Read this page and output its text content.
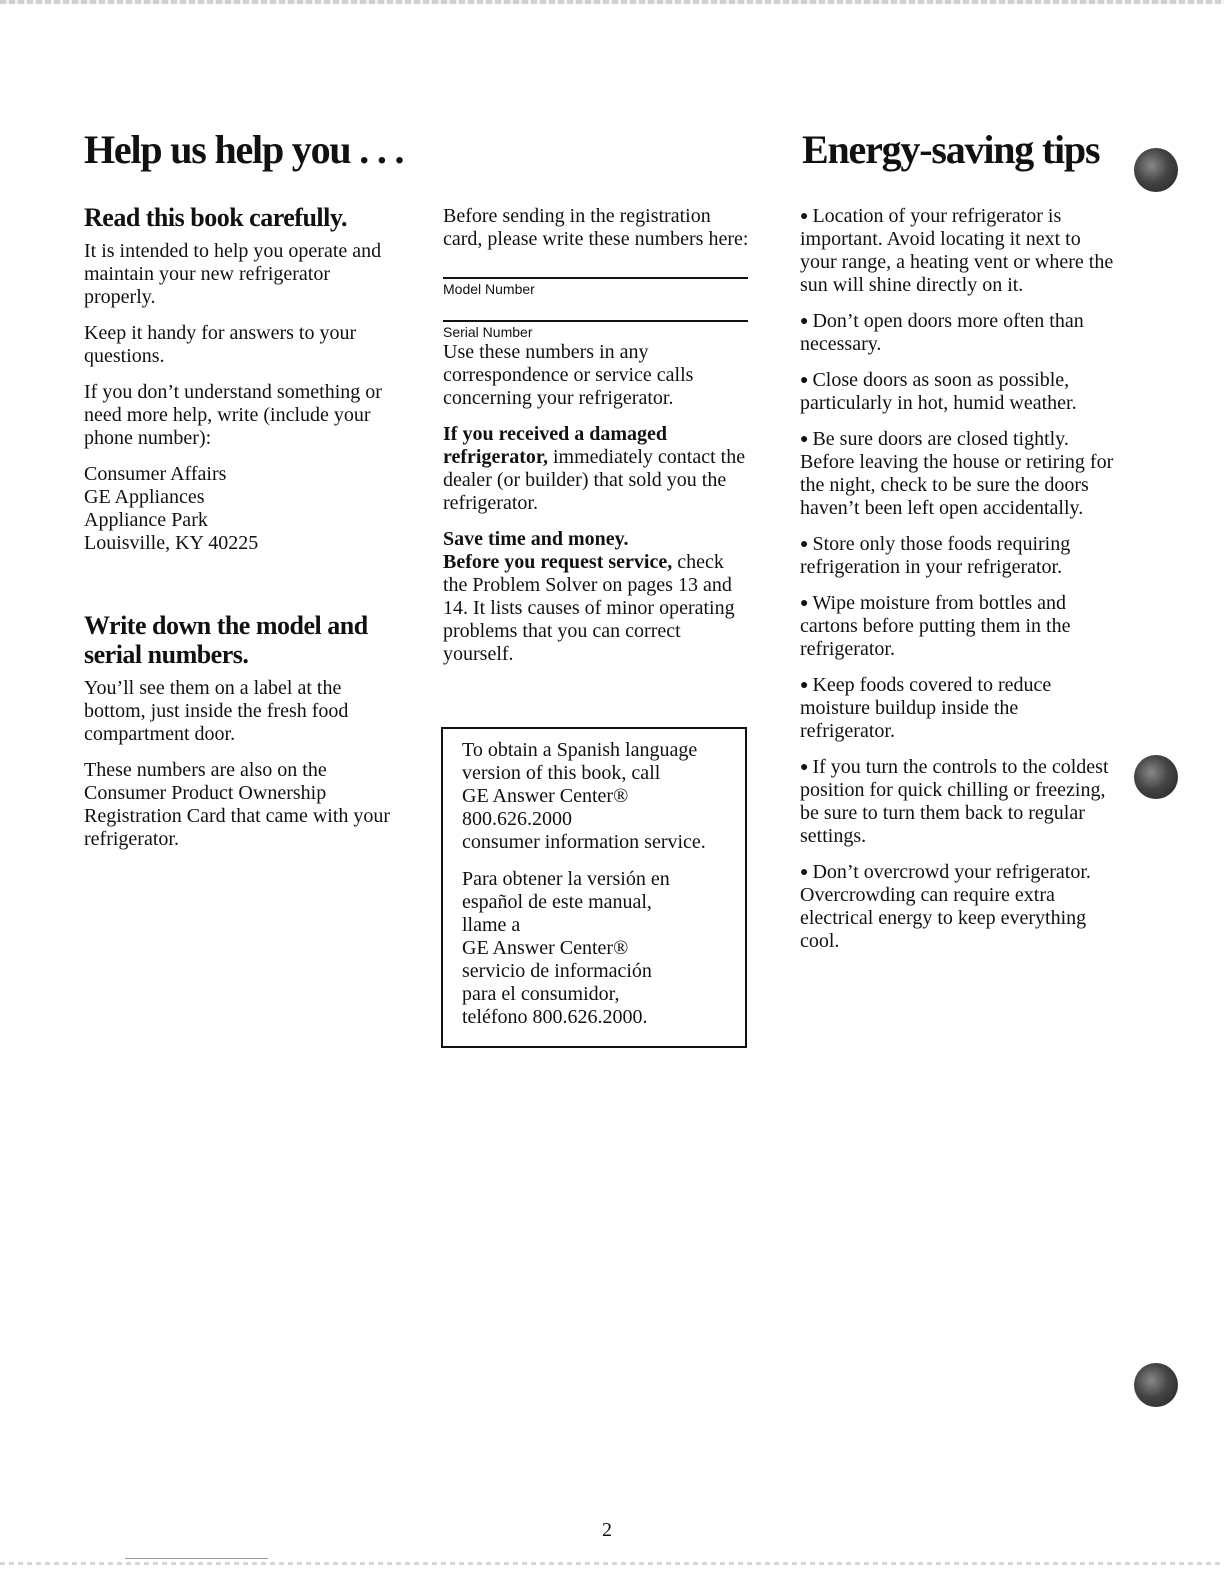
Help us help you . . .	Energy-saving tips
Read this book carefully.

It is intended to help you operate and maintain your new refrigerator properly.

Keep it handy for answers to your questions.

If you don’t understand something or need more help, write (include your phone number):

Consumer Affairs
GE Appliances
Appliance Park
Louisville, KY 40225

Write down the model and serial numbers.

You’ll see them on a label at the bottom, just inside the fresh food compartment door.

These numbers are also on the Consumer Product Ownership Registration Card that came with your refrigerator.

Before sending in the registration card, please write these numbers here:

Model Number
Serial Number

Use these numbers in any correspondence or service calls concerning your refrigerator.

If you received a damaged refrigerator, immediately contact the dealer (or builder) that sold you the refrigerator.

Save time and money.
Before you request service, check the Problem Solver on pages 13 and 14. It lists causes of minor operating problems that you can correct yourself.

To obtain a Spanish language
version of this book, call
GE Answer Center®
800.626.2000
consumer information service.

Para obtener la versión en
español de este manual,
llame a
GE Answer Center®
servicio de información
para el consumidor,
teléfono 800.626.2000.

● Location of your refrigerator is important. Avoid locating it next to your range, a heating vent or where the sun will shine directly on it.

● Don’t open doors more often than necessary.

● Close doors as soon as possible, particularly in hot, humid weather.

● Be sure doors are closed tightly. Before leaving the house or retiring for the night, check to be sure the doors haven’t been left open accidentally.

● Store only those foods requiring refrigeration in your refrigerator.

● Wipe moisture from bottles and cartons before putting them in the refrigerator.

● Keep foods covered to reduce moisture buildup inside the refrigerator.

● If you turn the controls to the coldest position for quick chilling or freezing, be sure to turn them back to regular settings.

● Don’t overcrowd your refrigerator. Overcrowding can require extra electrical energy to keep everything cool.

2
